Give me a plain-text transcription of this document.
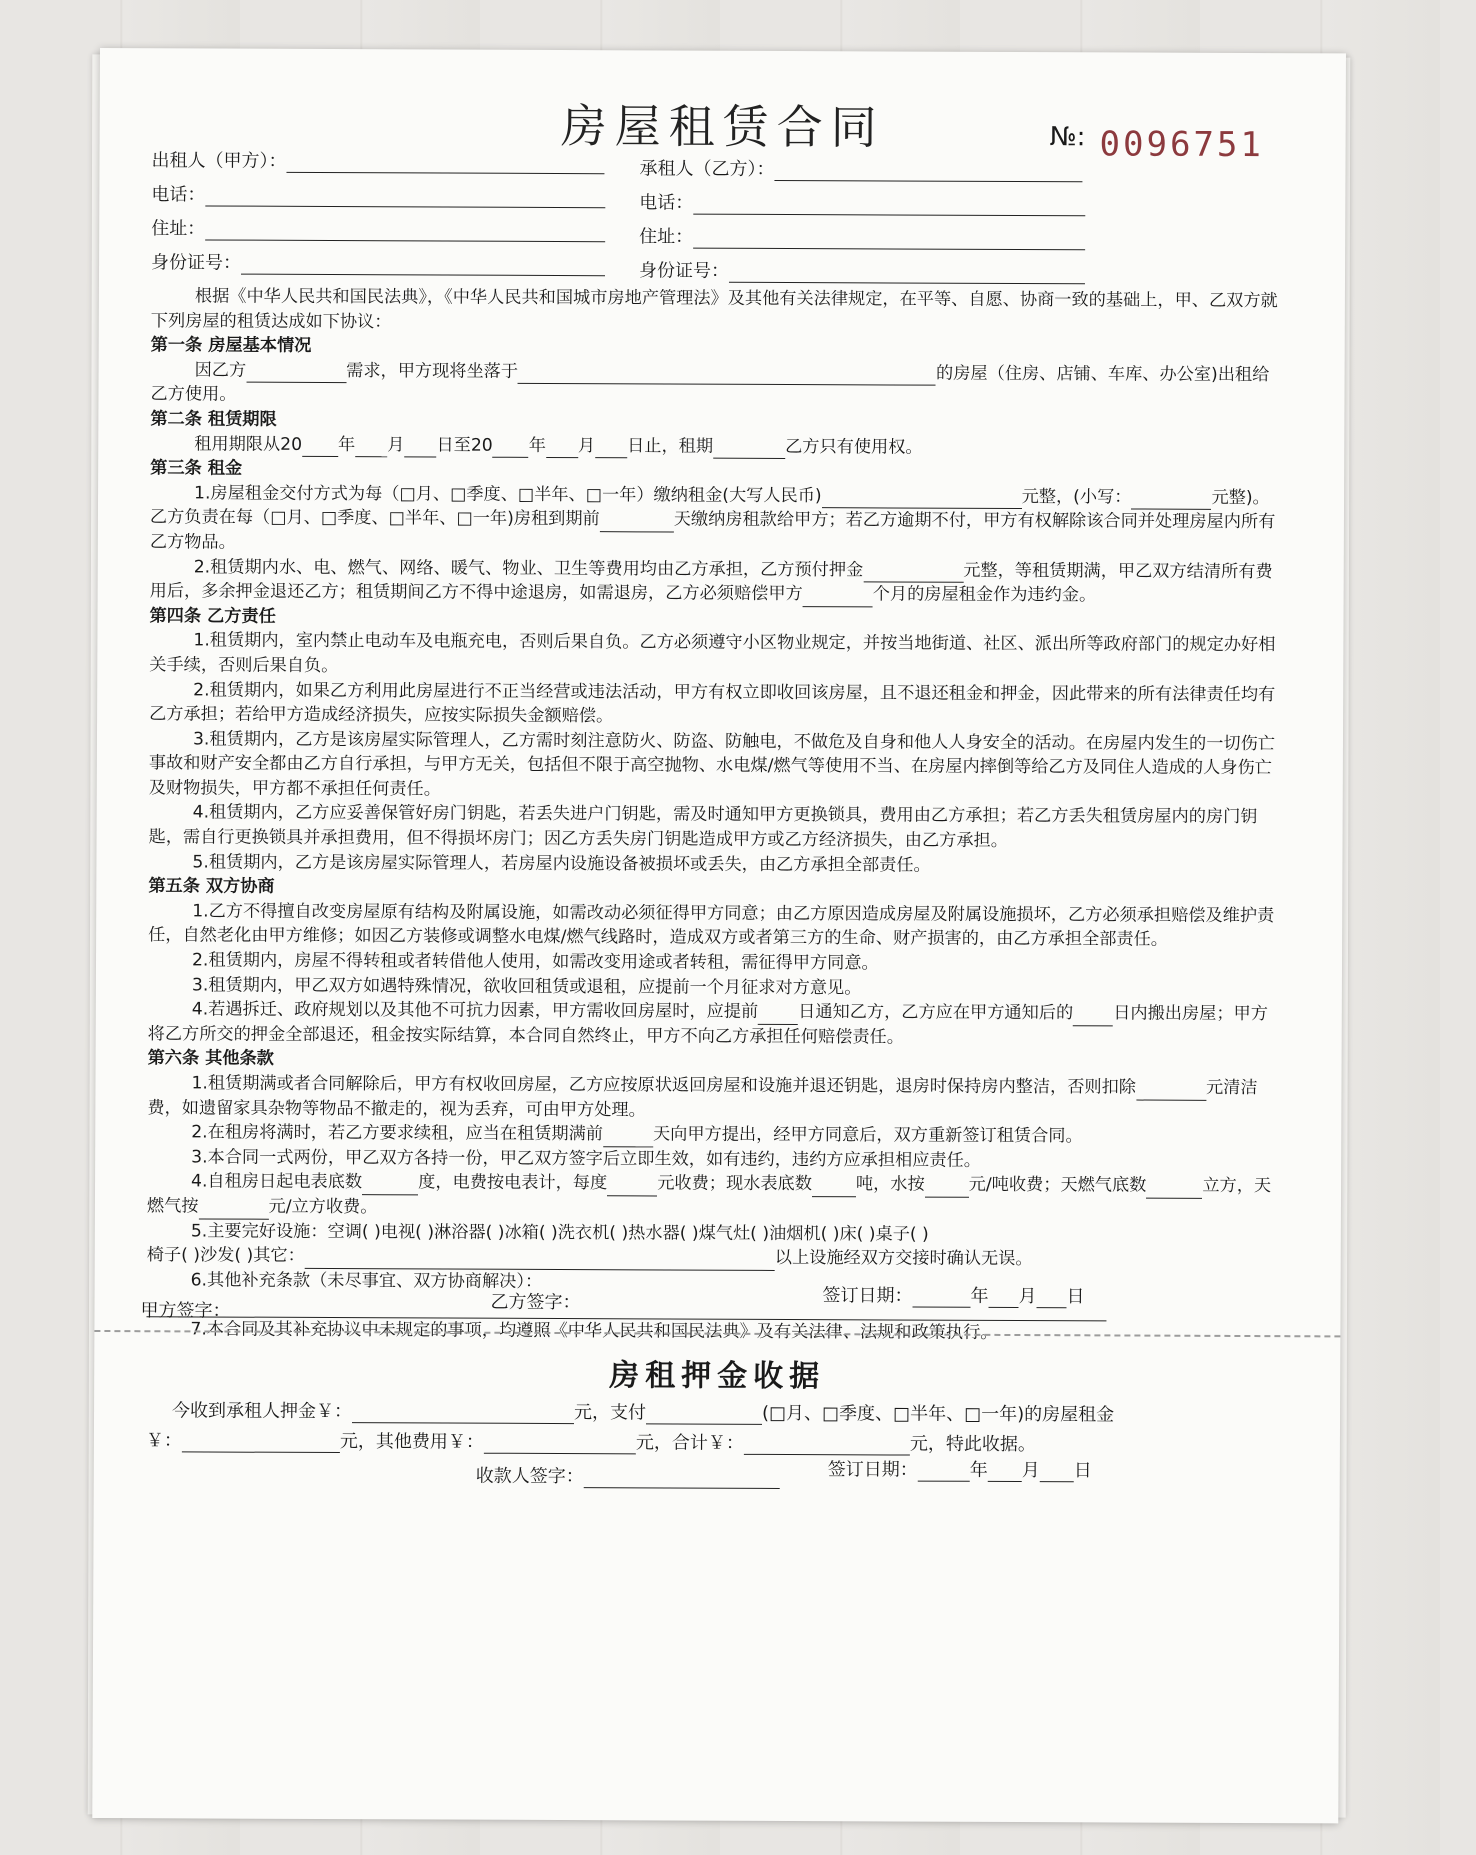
房屋租赁合同	№: 0096751
出租人（甲方）：
电话：
住址：
身份证号：
承租人（乙方）：
电话：
住址：
身份证号：

根据《中华人民共和国民法典》，《中华人民共和国城市房地产管理法》及其他有关法律规定，在平等、自愿、协商一致的基础上，甲、乙双方就下列房屋的租赁达成如下协议：

第一条 房屋基本情况

因乙方	需求，甲方现将坐落于	的房屋（住房、店铺、车库、办公室)出租给乙方使用。

第二条 租赁期限

租用期限从20 年 月 日至20 年 月 日止，租期	乙方只有使用权。

第三条 租金

1.房屋租金交付方式为每（□月、□季度、□半年、□一年）缴纳租金(大写人民币)	元整，(小写：	元整)。乙方负责在每（□月、□季度、□半年、□一年)房租到期前	天缴纳房租款给甲方；若乙方逾期不付，甲方有权解除该合同并处理房屋内所有乙方物品。

2.租赁期内水、电、燃气、网络、暖气、物业、卫生等费用均由乙方承担，乙方预付押金	元整，等租赁期满，甲乙双方结清所有费用后，多余押金退还乙方；租赁期间乙方不得中途退房，如需退房，乙方必须赔偿甲方	个月的房屋租金作为违约金。

第四条 乙方责任

1.租赁期内，室内禁止电动车及电瓶充电，否则后果自负。乙方必须遵守小区物业规定，并按当地街道、社区、派出所等政府部门的规定办好相关手续，否则后果自负。

2.租赁期内，如果乙方利用此房屋进行不正当经营或违法活动，甲方有权立即收回该房屋，且不退还租金和押金，因此带来的所有法律责任均有乙方承担；若给甲方造成经济损失，应按实际损失金额赔偿。

3.租赁期内，乙方是该房屋实际管理人，乙方需时刻注意防火、防盗、防触电，不做危及自身和他人人身安全的活动。在房屋内发生的一切伤亡事故和财产安全都由乙方自行承担，与甲方无关，包括但不限于高空抛物、水电煤/燃气等使用不当、在房屋内摔倒等给乙方及同住人造成的人身伤亡及财物损失，甲方都不承担任何责任。

4.租赁期内，乙方应妥善保管好房门钥匙，若丢失进户门钥匙，需及时通知甲方更换锁具，费用由乙方承担；若乙方丢失租赁房屋内的房门钥匙，需自行更换锁具并承担费用，但不得损坏房门；因乙方丢失房门钥匙造成甲方或乙方经济损失，由乙方承担。

5.租赁期内，乙方是该房屋实际管理人，若房屋内设施设备被损坏或丢失，由乙方承担全部责任。

第五条 双方协商

1.乙方不得擅自改变房屋原有结构及附属设施，如需改动必须征得甲方同意；由乙方原因造成房屋及附属设施损坏，乙方必须承担赔偿及维护责任，自然老化由甲方维修；如因乙方装修或调整水电煤/燃气线路时，造成双方或者第三方的生命、财产损害的，由乙方承担全部责任。

2.租赁期内，房屋不得转租或者转借他人使用，如需改变用途或者转租，需征得甲方同意。

3.租赁期内，甲乙双方如遇特殊情况，欲收回租赁或退租，应提前一个月征求对方意见。

4.若遇拆迁、政府规划以及其他不可抗力因素，甲方需收回房屋时，应提前 日通知乙方，乙方应在甲方通知后的 日内搬出房屋；甲方将乙方所交的押金全部退还，租金按实际结算，本合同自然终止，甲方不向乙方承担任何赔偿责任。

第六条 其他条款

1.租赁期满或者合同解除后，甲方有权收回房屋，乙方应按原状返回房屋和设施并退还钥匙，退房时保持房内整洁，否则扣除	元清洁费，如遗留家具杂物等物品不撤走的，视为丢弃，可由甲方处理。

2.在租房将满时，若乙方要求续租，应当在租赁期满前	天向甲方提出，经甲方同意后，双方重新签订租赁合同。

3.本合同一式两份，甲乙双方各持一份，甲乙双方签字后立即生效，如有违约，违约方应承担相应责任。

4.自租房日起电表底数	度，电费按电表计，每度	元收费；现水表底数	吨，水按	元/吨收费；天燃气底数	立方，天燃气按	元/立方收费。

5.主要完好设施：空调( )电视( )淋浴器( )冰箱( )洗衣机( )热水器( )煤气灶( )油烟机( )床( )桌子( )

椅子( )沙发( )其它：	以上设施经双方交接时确认无误。

6.其他补充条款（未尽事宜、双方协商解决）：

7.本合同及其补充协议中未规定的事项，均遵照《中华人民共和国民法典》及有关法律、法规和政策执行。

甲方签字：	乙方签字：	签订日期：	年 月 日
房租押金收据
今收到承租人押金￥：	元，支付	(□月、□季度、□半年、□一年)的房屋租金
￥：	元，其他费用￥：	元，合计￥：	元，特此收据。
收款人签字：	签订日期：	年 月 日
